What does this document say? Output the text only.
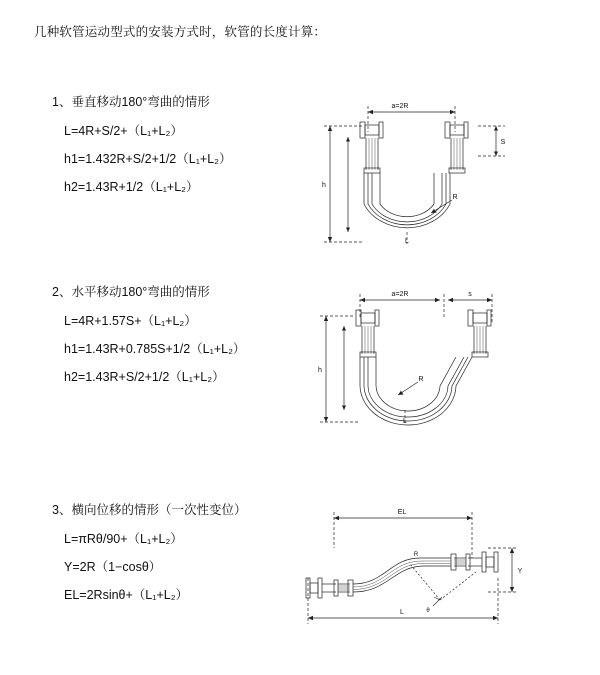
几种软管运动型式的安装方式时，软管的长度计算：
1、垂直移动180°弯曲的情形
L=4R+S/2+（L₁+L₂）
h1=1.432R+S/2+1/2（L₁+L₂）
h2=1.43R+1/2（L₁+L₂）
a=2R
h
S
R
L
2、水平移动180°弯曲的情形
L=4R+1.57S+（L₁+L₂）
h1=1.43R+0.785S+1/2（L₁+L₂）
h2=1.43R+S/2+1/2（L₁+L₂）
a=2R	s
h
R
L
3、横向位移的情形（一次性变位）
L=πRθ/90+（L₁+L₂）
Y=2R（1−cosθ）
EL=2Rsinθ+（L₁+L₂）
EL
L
Y
θ
R
